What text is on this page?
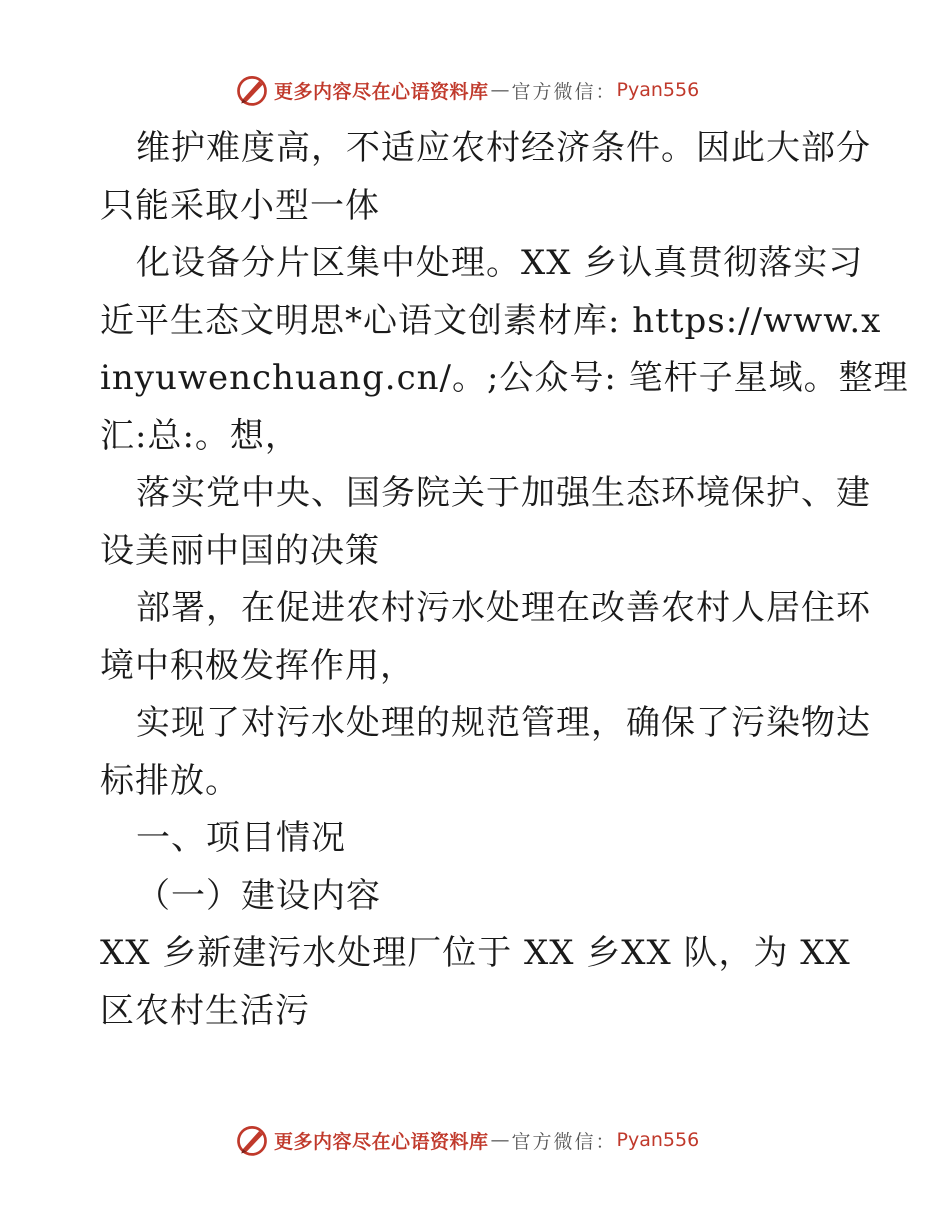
更多内容尽在心语资料库 — 官方微信： Pyan556
维护难度高，不适应农村经济条件。因此大部分
只能采取小型一体
化设备分片区集中处理。XX 乡认真贯彻落实习
近平生态文明思*心语文创素材库: https://www.x
inyuwenchuang.cn/。;公众号: 笔杆子星域。整理
汇:总:。想，
落实党中央、国务院关于加强生态环境保护、建
设美丽中国的决策
部署，在促进农村污水处理在改善农村人居住环
境中积极发挥作用，
实现了对污水处理的规范管理，确保了污染物达
标排放。
一、项目情况
（一）建设内容
XX 乡新建污水处理厂位于 XX 乡XX 队，为 XX
区农村生活污
更多内容尽在心语资料库 — 官方微信： Pyan556
